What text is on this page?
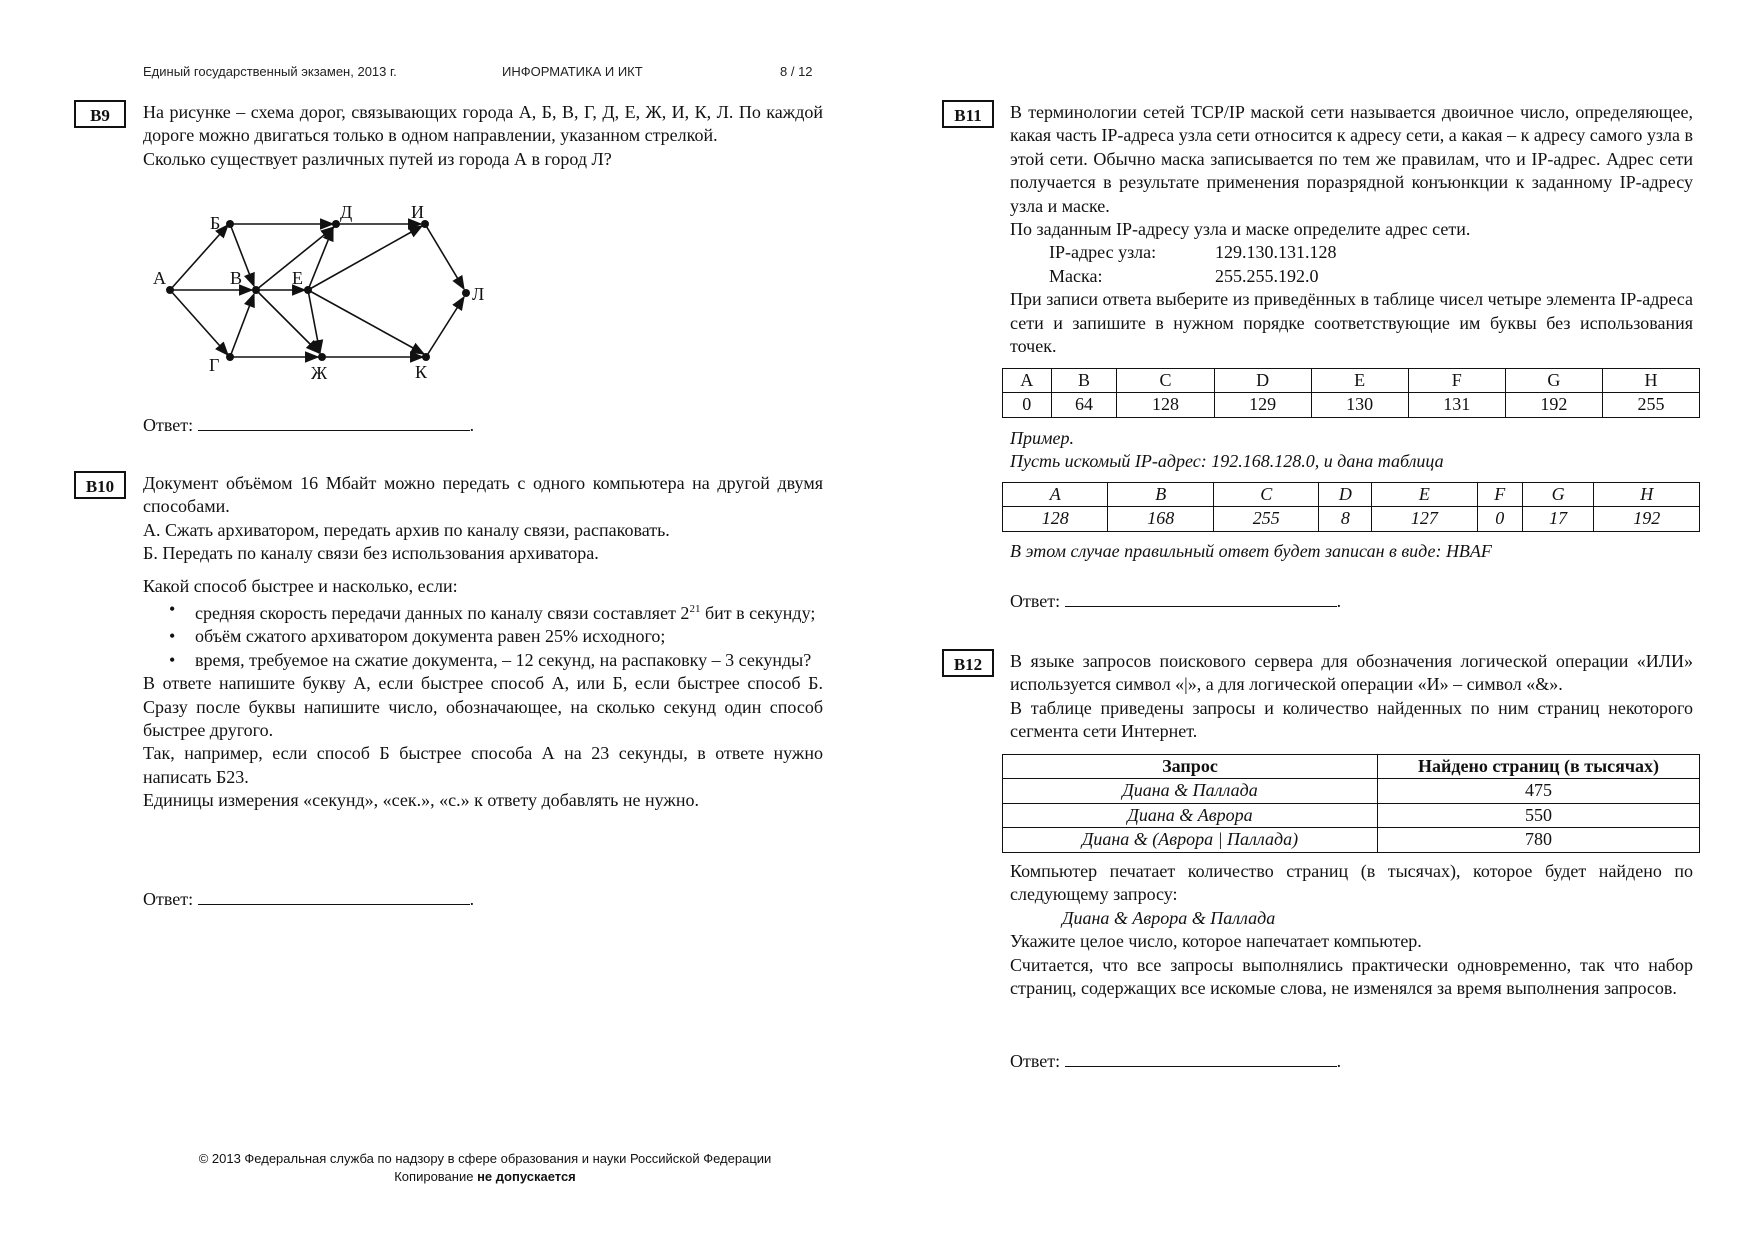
Единый государственный экзамен, 2013 г.	ИНФОРМАТИКА И ИКТ	8 / 12
B9	На рисунке – схема дорог, связывающих города А, Б, В, Г, Д, Е, Ж, И, К, Л. По каждой дороге можно двигаться только в одном направлении, указанном стрелкой.

Сколько существует различных путей из города А в город Л?

А
Б
В
Г
Д
Е
Ж
И
К
Л
Ответ:	.
B10	Документ объёмом 16 Мбайт можно передать с одного компьютера на другой двумя способами.

А. Сжать архиватором, передать архив по каналу связи, распаковать.

Б. Передать по каналу связи без использования архиватора.

Какой способ быстрее и насколько, если:

• средняя скорость передачи данных по каналу связи составляет $2^{21}$ бит в секунду;
• объём сжатого архиватором документа равен 25% исходного;
• время, требуемое на сжатие документа, – 12 секунд, на распаковку – 3 секунды?

В ответе напишите букву А, если быстрее способ А, или Б, если быстрее способ Б. Сразу после буквы напишите число, обозначающее, на сколько секунд один способ быстрее другого.

Так, например, если способ Б быстрее способа А на 23 секунды, в ответе нужно написать Б23.

Единицы измерения «секунд», «сек.», «с.» к ответу добавлять не нужно.

Ответ:	.
B11	В терминологии сетей TCP/IP маской сети называется двоичное число, определяющее, какая часть IP-адреса узла сети относится к адресу сети, а какая – к адресу самого узла в этой сети. Обычно маска записывается по тем же правилам, что и IP-адрес. Адрес сети получается в результате применения поразрядной конъюнкции к заданному IP-адресу узла и маске.

По заданным IP-адресу узла и маске определите адрес сети.

IP-адрес узла:	129.130.131.128
Маска:	255.255.192.0

При записи ответа выберите из приведённых в таблице чисел четыре элемента IP-адреса сети и запишите в нужном порядке соответствующие им буквы без использования точек.

A	B	C	D	E	F	G	H
0	64	128	129	130	131	192	255

Пример.

Пусть искомый IP-адрес: 192.168.128.0, и дана таблица

A	B	C	D	E	F	G	H
128	168	255	8	127	0	17	192
В этом случае правильный ответ будет записан в виде: HBAF
Ответ:	.
B12	В языке запросов поискового сервера для обозначения логической операции «ИЛИ» используется символ «|», а для логической операции «И» – символ «&».

В таблице приведены запросы и количество найденных по ним страниц некоторого сегмента сети Интернет.

Запрос	Найдено страниц (в тысячах)
Диана & Паллада	475
Диана & Аврора	550
Диана & (Аврора | Паллада)	780

Компьютер печатает количество страниц (в тысячах), которое будет найдено по следующему запросу:

Диана & Аврора & Паллада

Укажите целое число, которое напечатает компьютер.

Считается, что все запросы выполнялись практически одновременно, так что набор страниц, содержащих все искомые слова, не изменялся за время выполнения запросов.

Ответ:	.
© 2013 Федеральная служба по надзору в сфере образования и науки Российской Федерации
Копирование не допускается
